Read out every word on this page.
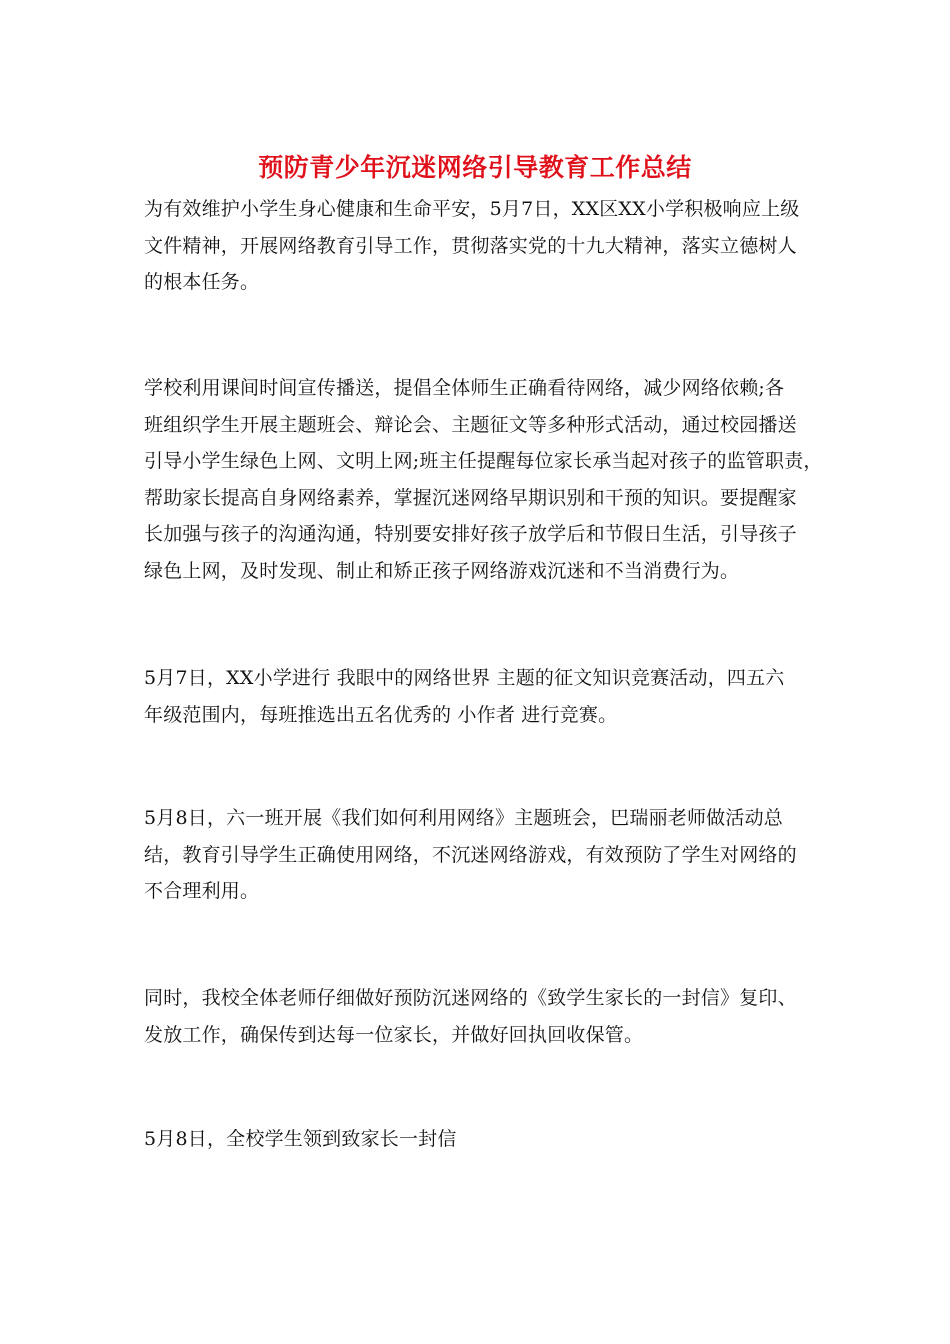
预防青少年沉迷网络引导教育工作总结

为有效维护小学生身心健康和生命平安，5月7日，XX区XX小学积极响应上级
文件精神，开展网络教育引导工作，贯彻落实党的十九大精神，落实立德树人
的根本任务。

学校利用课间时间宣传播送，提倡全体师生正确看待网络，减少网络依赖;各
班组织学生开展主题班会、辩论会、主题征文等多种形式活动，通过校园播送
引导小学生绿色上网、文明上网;班主任提醒每位家长承当起对孩子的监管职责，
帮助家长提高自身网络素养，掌握沉迷网络早期识别和干预的知识。要提醒家
长加强与孩子的沟通沟通，特别要安排好孩子放学后和节假日生活，引导孩子
绿色上网，及时发现、制止和矫正孩子网络游戏沉迷和不当消费行为。

5月7日，XX小学进行 我眼中的网络世界 主题的征文知识竞赛活动，四五六
年级范围内，每班推选出五名优秀的 小作者 进行竞赛。

5月8日，六一班开展《我们如何利用网络》主题班会，巴瑞丽老师做活动总
结，教育引导学生正确使用网络，不沉迷网络游戏，有效预防了学生对网络的
不合理利用。

同时，我校全体老师仔细做好预防沉迷网络的《致学生家长的一封信》复印、
发放工作，确保传到达每一位家长，并做好回执回收保管。

5月8日，全校学生领到致家长一封信
